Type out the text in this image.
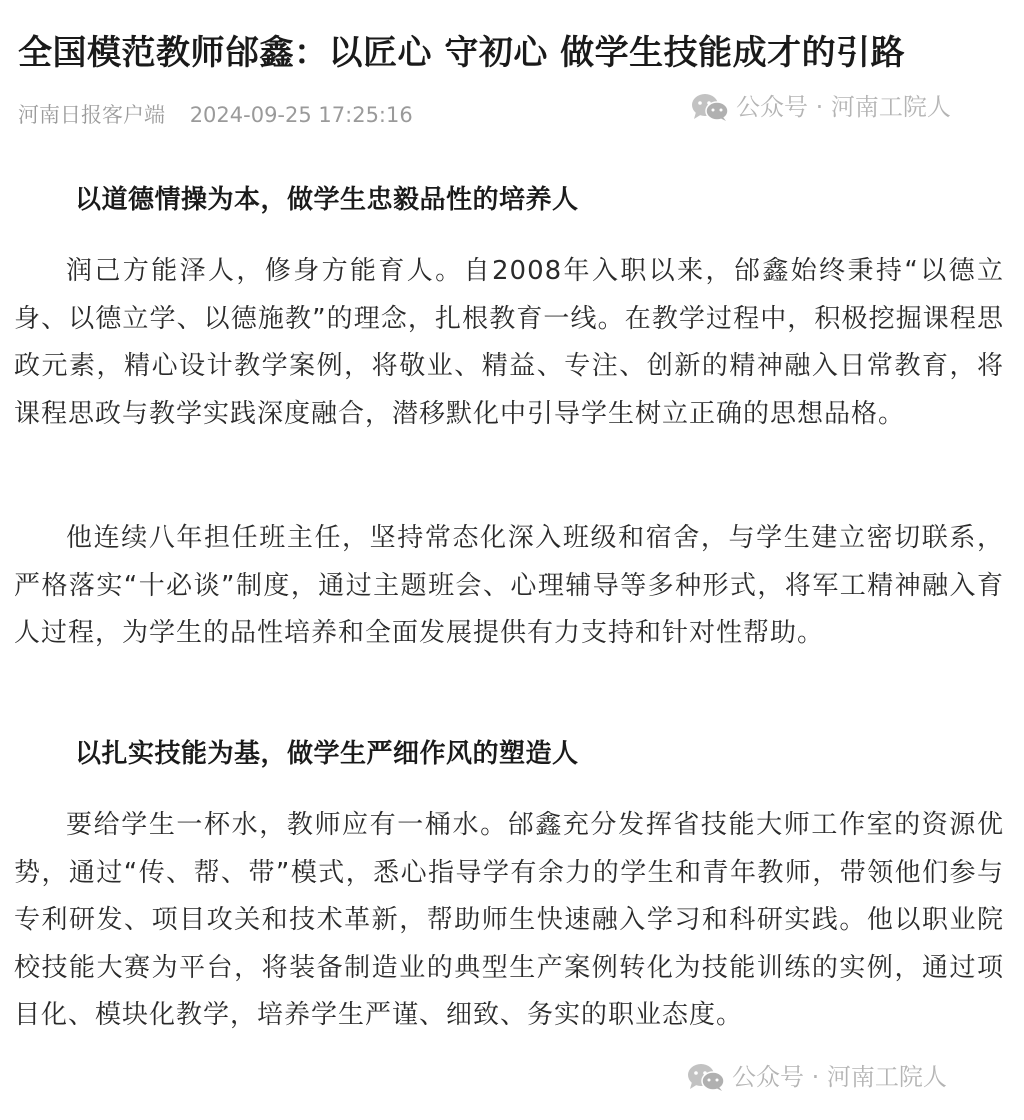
全国模范教师邰鑫：以匠心 守初心 做学生技能成才的引路
河南日报客户端 2024-09-25 17:25:16	公众号 · 河南工院人
以道德情操为本，做学生忠毅品性的培养人

润己方能泽人，修身方能育人。自2008年入职以来，邰鑫始终秉持“以德立身、以德立学、以德施教”的理念，扎根教育一线。在教学过程中，积极挖掘课程思政元素，精心设计教学案例，将敬业、精益、专注、创新的精神融入日常教育，将课程思政与教学实践深度融合，潜移默化中引导学生树立正确的思想品格。

他连续八年担任班主任，坚持常态化深入班级和宿舍，与学生建立密切联系，严格落实“十必谈”制度，通过主题班会、心理辅导等多种形式，将军工精神融入育人过程，为学生的品性培养和全面发展提供有力支持和针对性帮助。

以扎实技能为基，做学生严细作风的塑造人

要给学生一杯水，教师应有一桶水。邰鑫充分发挥省技能大师工作室的资源优势，通过“传、帮、带”模式，悉心指导学有余力的学生和青年教师，带领他们参与专利研发、项目攻关和技术革新，帮助师生快速融入学习和科研实践。他以职业院校技能大赛为平台，将装备制造业的典型生产案例转化为技能训练的实例，通过项目化、模块化教学，培养学生严谨、细致、务实的职业态度。

公众号 · 河南工院人
